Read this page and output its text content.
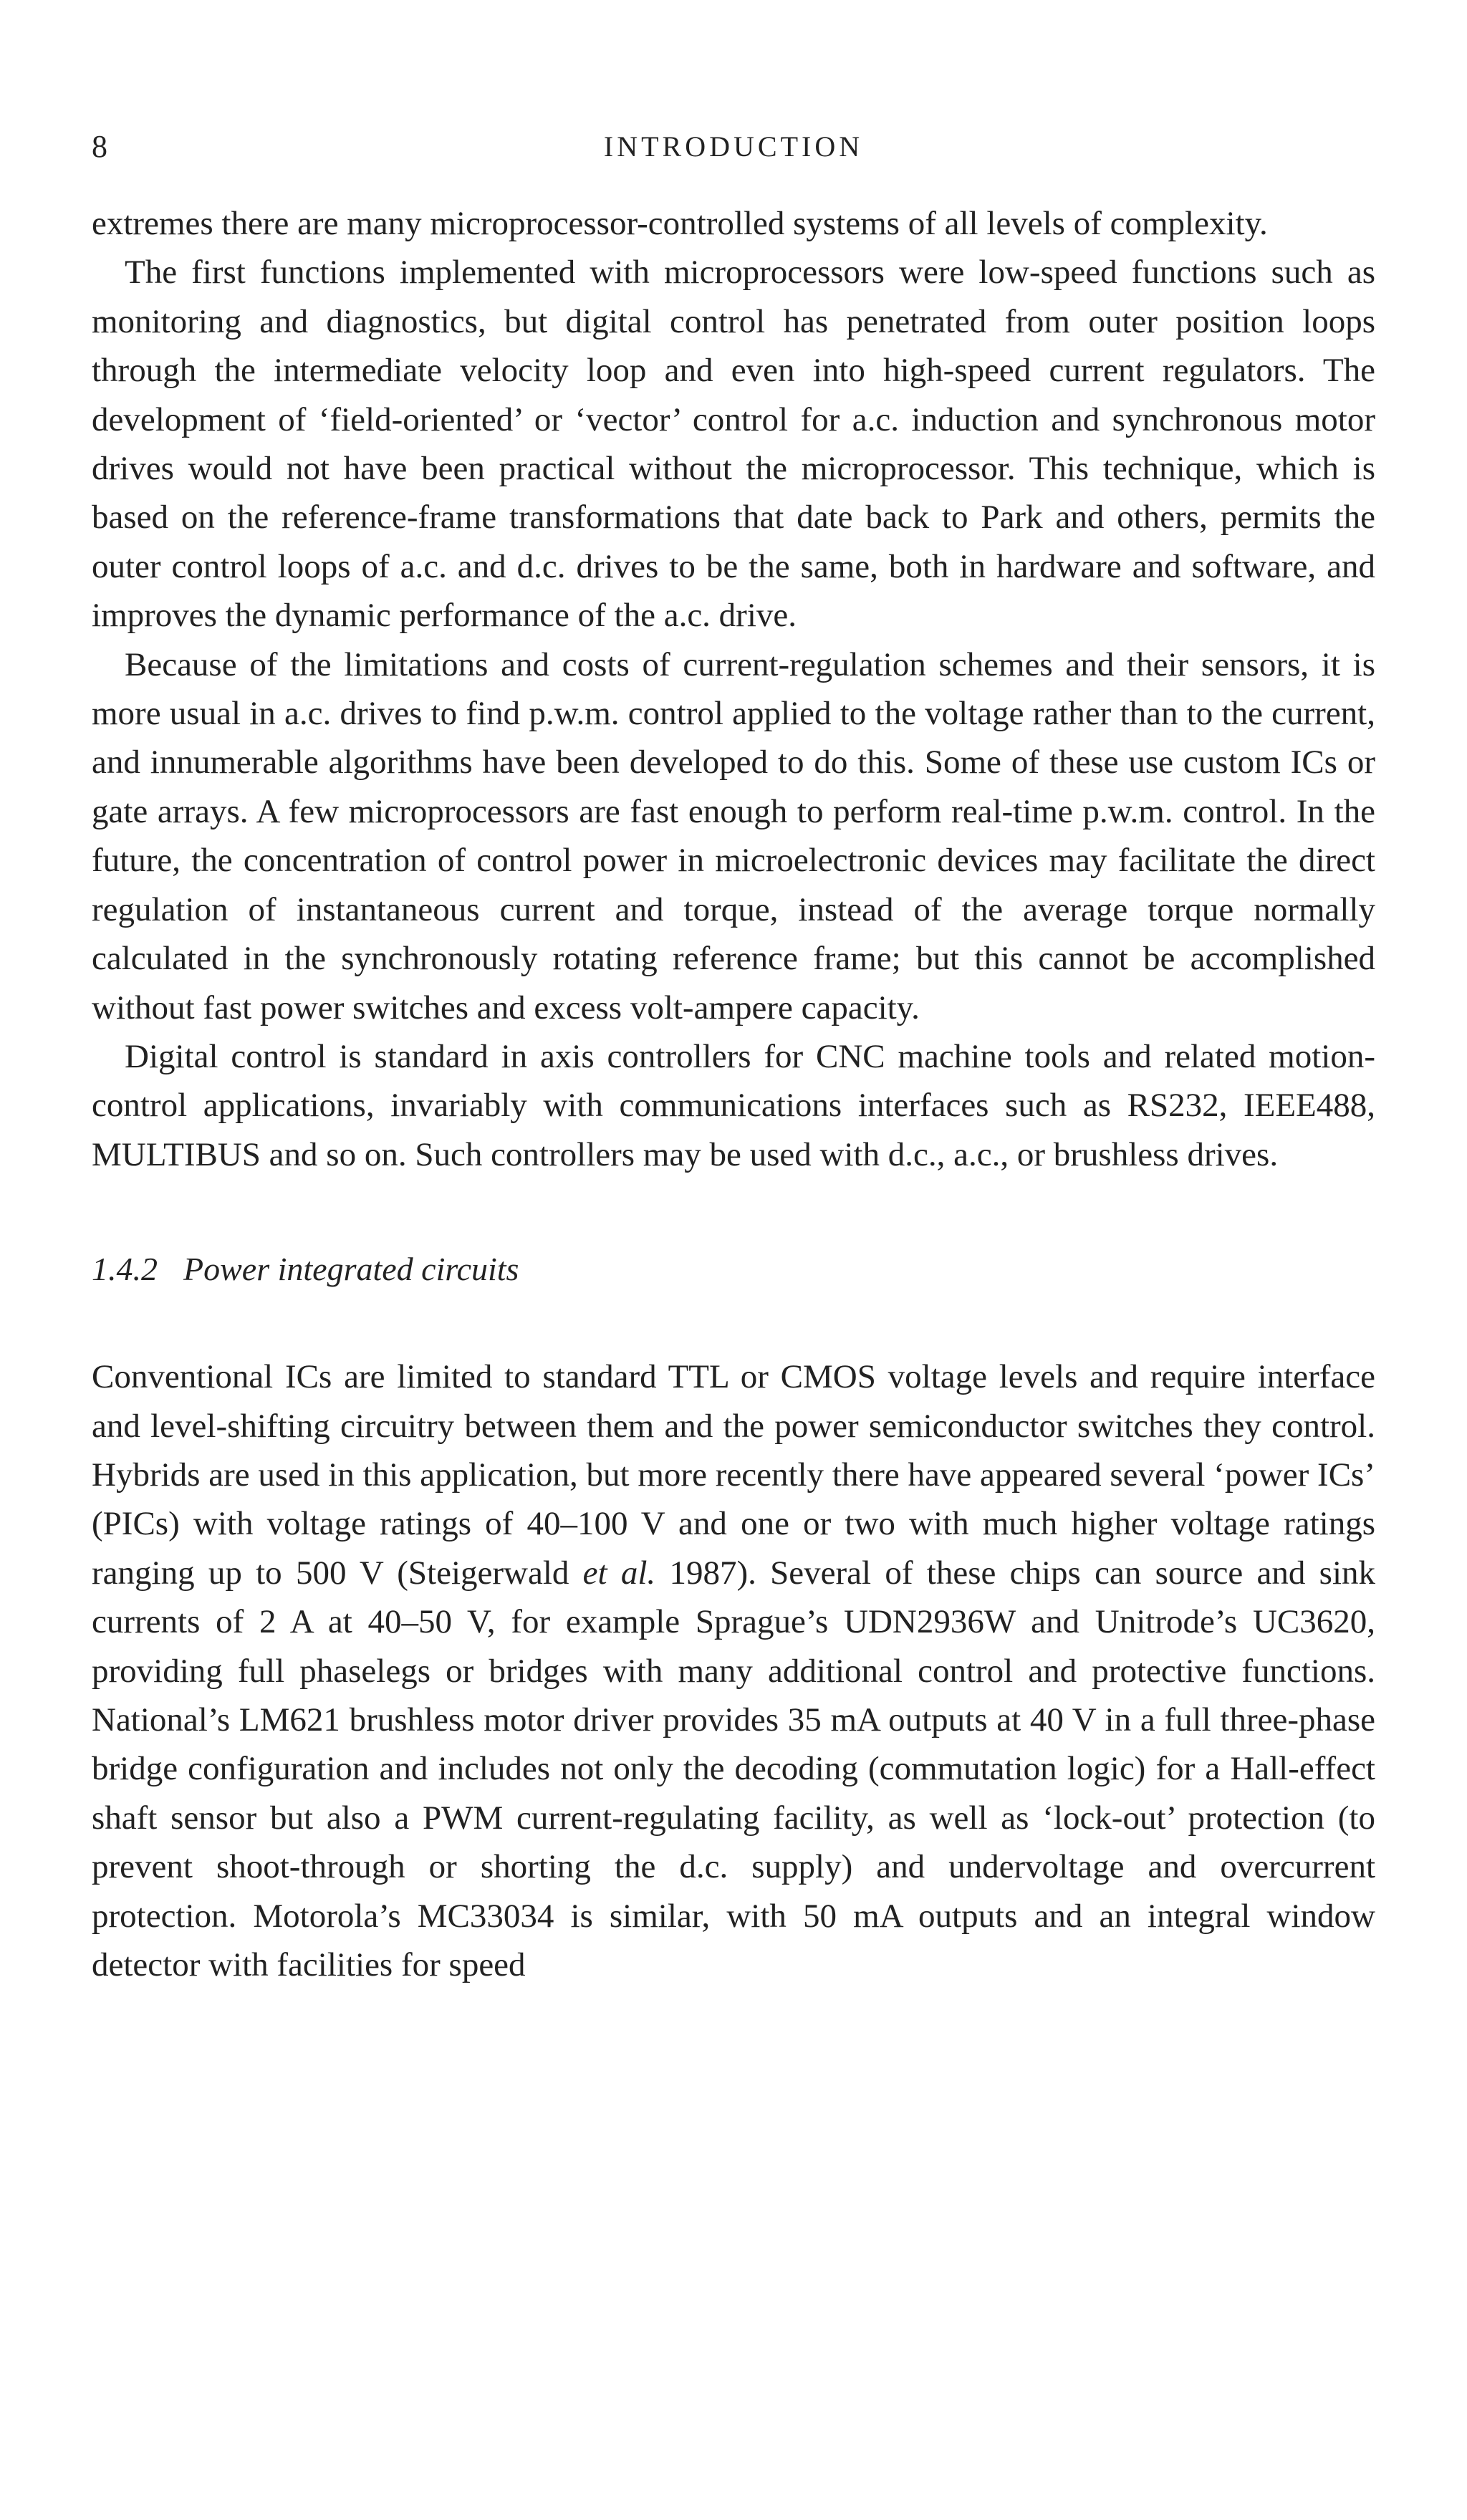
8	INTRODUCTION

extremes there are many microprocessor-controlled systems of all levels of complexity.

The first functions implemented with microprocessors were low-speed functions such as monitoring and diagnostics, but digital control has penetrated from outer position loops through the intermediate velocity loop and even into high-speed current regulators. The development of ‘field-oriented’ or ‘vector’ control for a.c. induction and synchronous motor drives would not have been practical without the microprocessor. This technique, which is based on the reference-frame transformations that date back to Park and others, permits the outer control loops of a.c. and d.c. drives to be the same, both in hardware and software, and improves the dynamic performance of the a.c. drive.

Because of the limitations and costs of current-regulation schemes and their sensors, it is more usual in a.c. drives to find p.w.m. control applied to the voltage rather than to the current, and innumerable algorithms have been developed to do this. Some of these use custom ICs or gate arrays. A few microprocessors are fast enough to perform real-time p.w.m. control. In the future, the concentration of control power in microelectronic devices may facilitate the direct regulation of instantaneous current and torque, instead of the average torque normally calculated in the synchronously rotating reference frame; but this cannot be accomplished without fast power switches and excess volt-ampere capacity.

Digital control is standard in axis controllers for CNC machine tools and related motion-control applications, invariably with communications interfaces such as RS232, IEEE488, MULTIBUS and so on. Such controllers may be used with d.c., a.c., or brushless drives.

1.4.2 Power integrated circuits

Conventional ICs are limited to standard TTL or CMOS voltage levels and require interface and level-shifting circuitry between them and the power semiconductor switches they control. Hybrids are used in this application, but more recently there have appeared several ‘power ICs’ (PICs) with voltage ratings of 40–100 V and one or two with much higher voltage ratings ranging up to 500 V (Steigerwald et al. 1987). Several of these chips can source and sink currents of 2 A at 40–50 V, for example Sprague’s UDN2936W and Unitrode’s UC3620, providing full phaselegs or bridges with many additional control and protective functions. National’s LM621 brushless motor driver provides 35 mA outputs at 40 V in a full three-phase bridge configuration and includes not only the decoding (commutation logic) for a Hall-effect shaft sensor but also a PWM current-regulating facility, as well as ‘lock-out’ protection (to prevent shoot-through or shorting the d.c. supply) and undervoltage and overcurrent protection. Motorola’s MC33034 is similar, with 50 mA outputs and an integral window detector with facilities for speed
